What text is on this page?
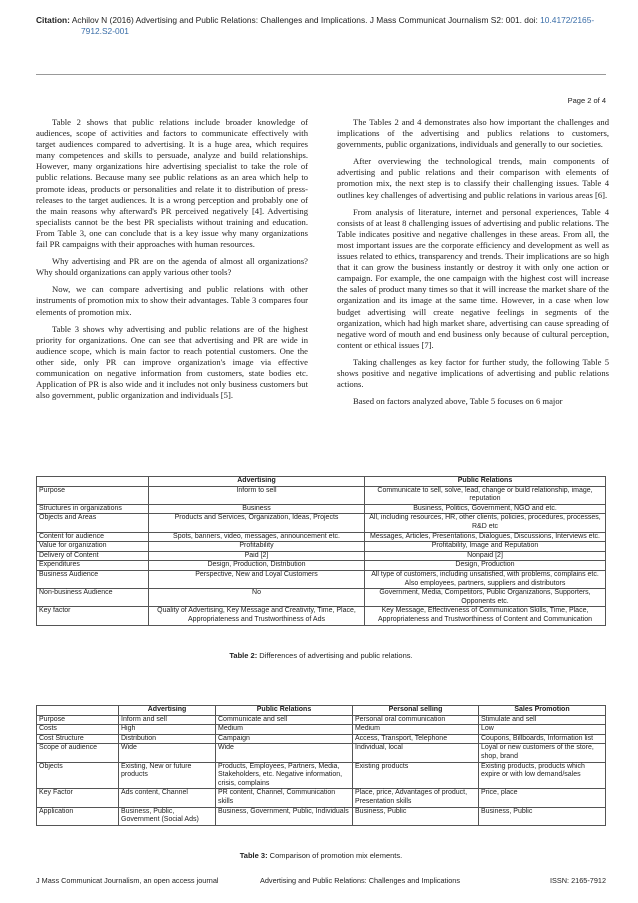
Citation: Achilov N (2016) Advertising and Public Relations: Challenges and Implications. J Mass Communicat Journalism S2: 001. doi: 10.4172/2165-
7912.S2-001
Page 2 of 4

Table 2 shows that public relations include broader knowledge of audiences, scope of activities and factors to communicate effectively with target audiences compared to advertising. It is a huge area, which requires many competences and skills to persuade, analyze and build relationships. However, many organizations hire advertising specialist to take the role of public relations. Because many see public relations as an area which help to promote ideas, products or personalities and relate it to distribution of press-releases to the target audiences. It is a wrong perception and probably one of the main reasons why afterward's PR perceived negatively [4]. Advertising specialists cannot be the best PR specialists without training and education. From Table 3, one can conclude that is a key issue why many organizations fail PR campaigns with their approaches with human resources.

Why advertising and PR are on the agenda of almost all organizations? Why should organizations can apply various other tools?

Now, we can compare advertising and public relations with other instruments of promotion mix to show their advantages. Table 3 compares four elements of promotion mix.

Table 3 shows why advertising and public relations are of the highest priority for organizations. One can see that advertising and PR are wide in audience scope, which is main factor to reach potential customers. One the other side, only PR can improve organization's image via effective communication on negative information from customers, state bodies etc. Application of PR is also wide and it includes not only business customers but also government, public organization and individuals [5].

The Tables 2 and 4 demonstrates also how important the challenges and implications of the advertising and publics relations to customers, governments, public organizations, individuals and generally to our societies.

After overviewing the technological trends, main components of advertising and public relations and their comparison with elements of promotion mix, the next step is to classify their challenging issues. Table 4 outlines key challenges of advertising and public relations in various areas [6].

From analysis of literature, internet and personal experiences, Table 4 consists of at least 8 challenging issues of advertising and public relations. The Table indicates positive and negative challenges in these areas. From all, the most important issues are the corporate efficiency and development as well as issues related to ethics, transparency and trends. Their implications are so high that it can grow the business instantly or destroy it with only one action or campaign. For example, the one campaign with the highest cost will increase the sales of product many times so that it will increase the market share of the organization and its image at the same time. However, in a case when low budget advertising will create negative feelings in segments of the organization, which had high market share, advertising can cause spreading of negative word of mouth and end business only because of cultural perception, content or ethical issues [7].

Taking challenges as key factor for further study, the following Table 5 shows positive and negative implications of advertising and public relations actions.

Based on factors analyzed above, Table 5 focuses on 6 major

	Advertising	Public Relations
Purpose	Inform to sell	Communicate to sell, solve, lead, change or build relationship, image, reputation
Structures in organizations	Business	Business, Politics, Government, NGO and etc.
Objects and Areas	Products and Services, Organization, Ideas, Projects	All, including resources, HR, other clients, policies, procedures, processes, R&D etc
Content for audience	Spots, banners, video, messages, announcement etc.	Messages, Articles, Presentations, Dialogues, Discussions, Interviews etc.
Value for organization	Profitability	Profitability, Image and Reputation
Delivery of Content	Paid [2]	Nonpaid [2]
Expenditures	Design, Production, Distribution	Design, Production
Business Audience	Perspective, New and Loyal Customers	All type of customers, including unsatisfied, with problems, complains etc. Also employees, partners, suppliers and distributors
Non-business Audience	No	Government, Media, Competitors, Public Organizations, Supporters, Opponents etc.
Key factor	Quality of Advertising, Key Message and Creativity, Time, Place, Appropriateness and Trustworthiness of Ads	Key Message, Effectiveness of Communication Skills, Time, Place, Appropriateness and Trustworthiness of Content and Communication
Table 2: Differences of advertising and public relations.
	Advertising	Public Relations	Personal selling	Sales Promotion
Purpose	Inform and sell	Communicate and sell	Personal oral communication	Stimulate and sell
Costs	High	Medium	Medium	Low
Cost Structure	Distribution	Campaign	Access, Transport, Telephone	Coupons, Billboards, Information list
Scope of audience	Wide	Wide	Individual, local	Loyal or new customers of the store, shop, brand
Objects	Existing, New or future products	Products, Employees, Partners, Media, Stakeholders, etc. Negative information, crisis, complains	Existing products	Existing products, products which expire or with low demand/sales
Key Factor	Ads content, Channel	PR content, Channel, Communication skills	Place, price, Advantages of product, Presentation skills	Price, place
Application	Business, Public, Government (Social Ads)	Business, Government, Public, Individuals	Business, Public	Business, Public
Table 3: Comparison of promotion mix elements.
J Mass Communicat Journalism, an open access journal	Advertising and Public Relations: Challenges and Implications	ISSN: 2165-7912
